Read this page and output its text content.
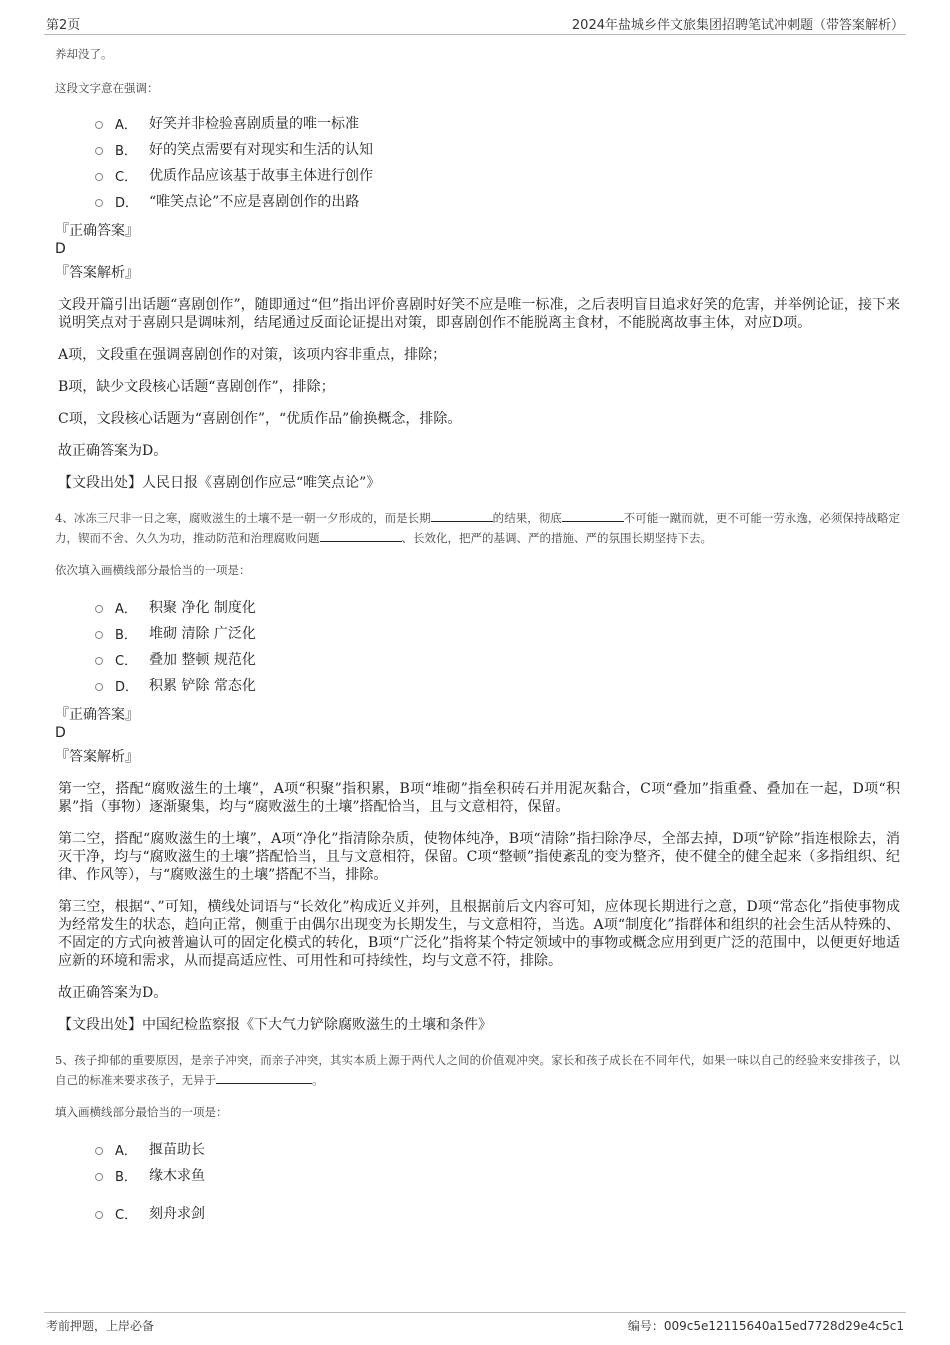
第2页	2024年盐城乡伴文旅集团招聘笔试冲刺题（带答案解析）

养却没了。

这段文字意在强调：

A． 好笑并非检验喜剧质量的唯一标准
B． 好的笑点需要有对现实和生活的认知
C． 优质作品应该基于故事主体进行创作
D． “唯笑点论”不应是喜剧创作的出路
『正确答案』
D
『答案解析』

文段开篇引出话题“喜剧创作”，随即通过“但”指出评价喜剧时好笑不应是唯一标准，之后表明盲目追求好笑的危害，并举例论证，接下来说明笑点对于喜剧只是调味剂，结尾通过反面论证提出对策，即喜剧创作不能脱离主食材，不能脱离故事主体，对应D项。

A项，文段重在强调喜剧创作的对策，该项内容非重点，排除；

B项，缺少文段核心话题“喜剧创作”，排除；

C项，文段核心话题为“喜剧创作”，“优质作品”偷换概念，排除。

故正确答案为D。

【文段出处】人民日报《喜剧创作应忌“唯笑点论”》

4、冰冻三尺非一日之寒，腐败滋生的土壤不是一朝一夕形成的，而是长期	的结果，彻底	不可能一蹴而就，更不可能一劳永逸，必须保持战略定力，锲而不舍、久久为功，推动防范和治理腐败问题	、长效化，把严的基调、严的措施、严的氛围长期坚持下去。

依次填入画横线部分最恰当的一项是：

A． 积聚 净化 制度化
B． 堆砌 清除 广泛化
C． 叠加 整顿 规范化
D． 积累 铲除 常态化
『正确答案』
D
『答案解析』

第一空，搭配“腐败滋生的土壤”，A项“积聚”指积累，B项“堆砌”指垒积砖石并用泥灰黏合，C项“叠加”指重叠、叠加在一起，D项“积累”指（事物）逐渐聚集，均与“腐败滋生的土壤”搭配恰当，且与文意相符，保留。

第二空，搭配“腐败滋生的土壤”，A项“净化”指清除杂质，使物体纯净，B项“清除”指扫除净尽，全部去掉，D项“铲除”指连根除去，消灭干净，均与“腐败滋生的土壤”搭配恰当，且与文意相符，保留。C项“整顿”指使紊乱的变为整齐，使不健全的健全起来（多指组织、纪律、作风等），与“腐败滋生的土壤”搭配不当，排除。

第三空，根据“、”可知，横线处词语与“长效化”构成近义并列，且根据前后文内容可知，应体现长期进行之意，D项“常态化”指使事物成为经常发生的状态，趋向正常，侧重于由偶尔出现变为长期发生，与文意相符，当选。A项“制度化”指群体和组织的社会生活从特殊的、不固定的方式向被普遍认可的固定化模式的转化，B项“广泛化”指将某个特定领域中的事物或概念应用到更广泛的范围中，以便更好地适应新的环境和需求，从而提高适应性、可用性和可持续性，均与文意不符，排除。

故正确答案为D。

【文段出处】中国纪检监察报《下大气力铲除腐败滋生的土壤和条件》

5、孩子抑郁的重要原因，是亲子冲突，而亲子冲突，其实本质上源于两代人之间的价值观冲突。家长和孩子成长在不同年代，如果一味以自己的经验来安排孩子，以自己的标准来要求孩子，无异于	。

填入画横线部分最恰当的一项是：

A． 揠苗助长
B． 缘木求鱼
C． 刻舟求剑
考前押题，上岸必备	编号：009c5e12115640a15ed7728d29e4c5c1
